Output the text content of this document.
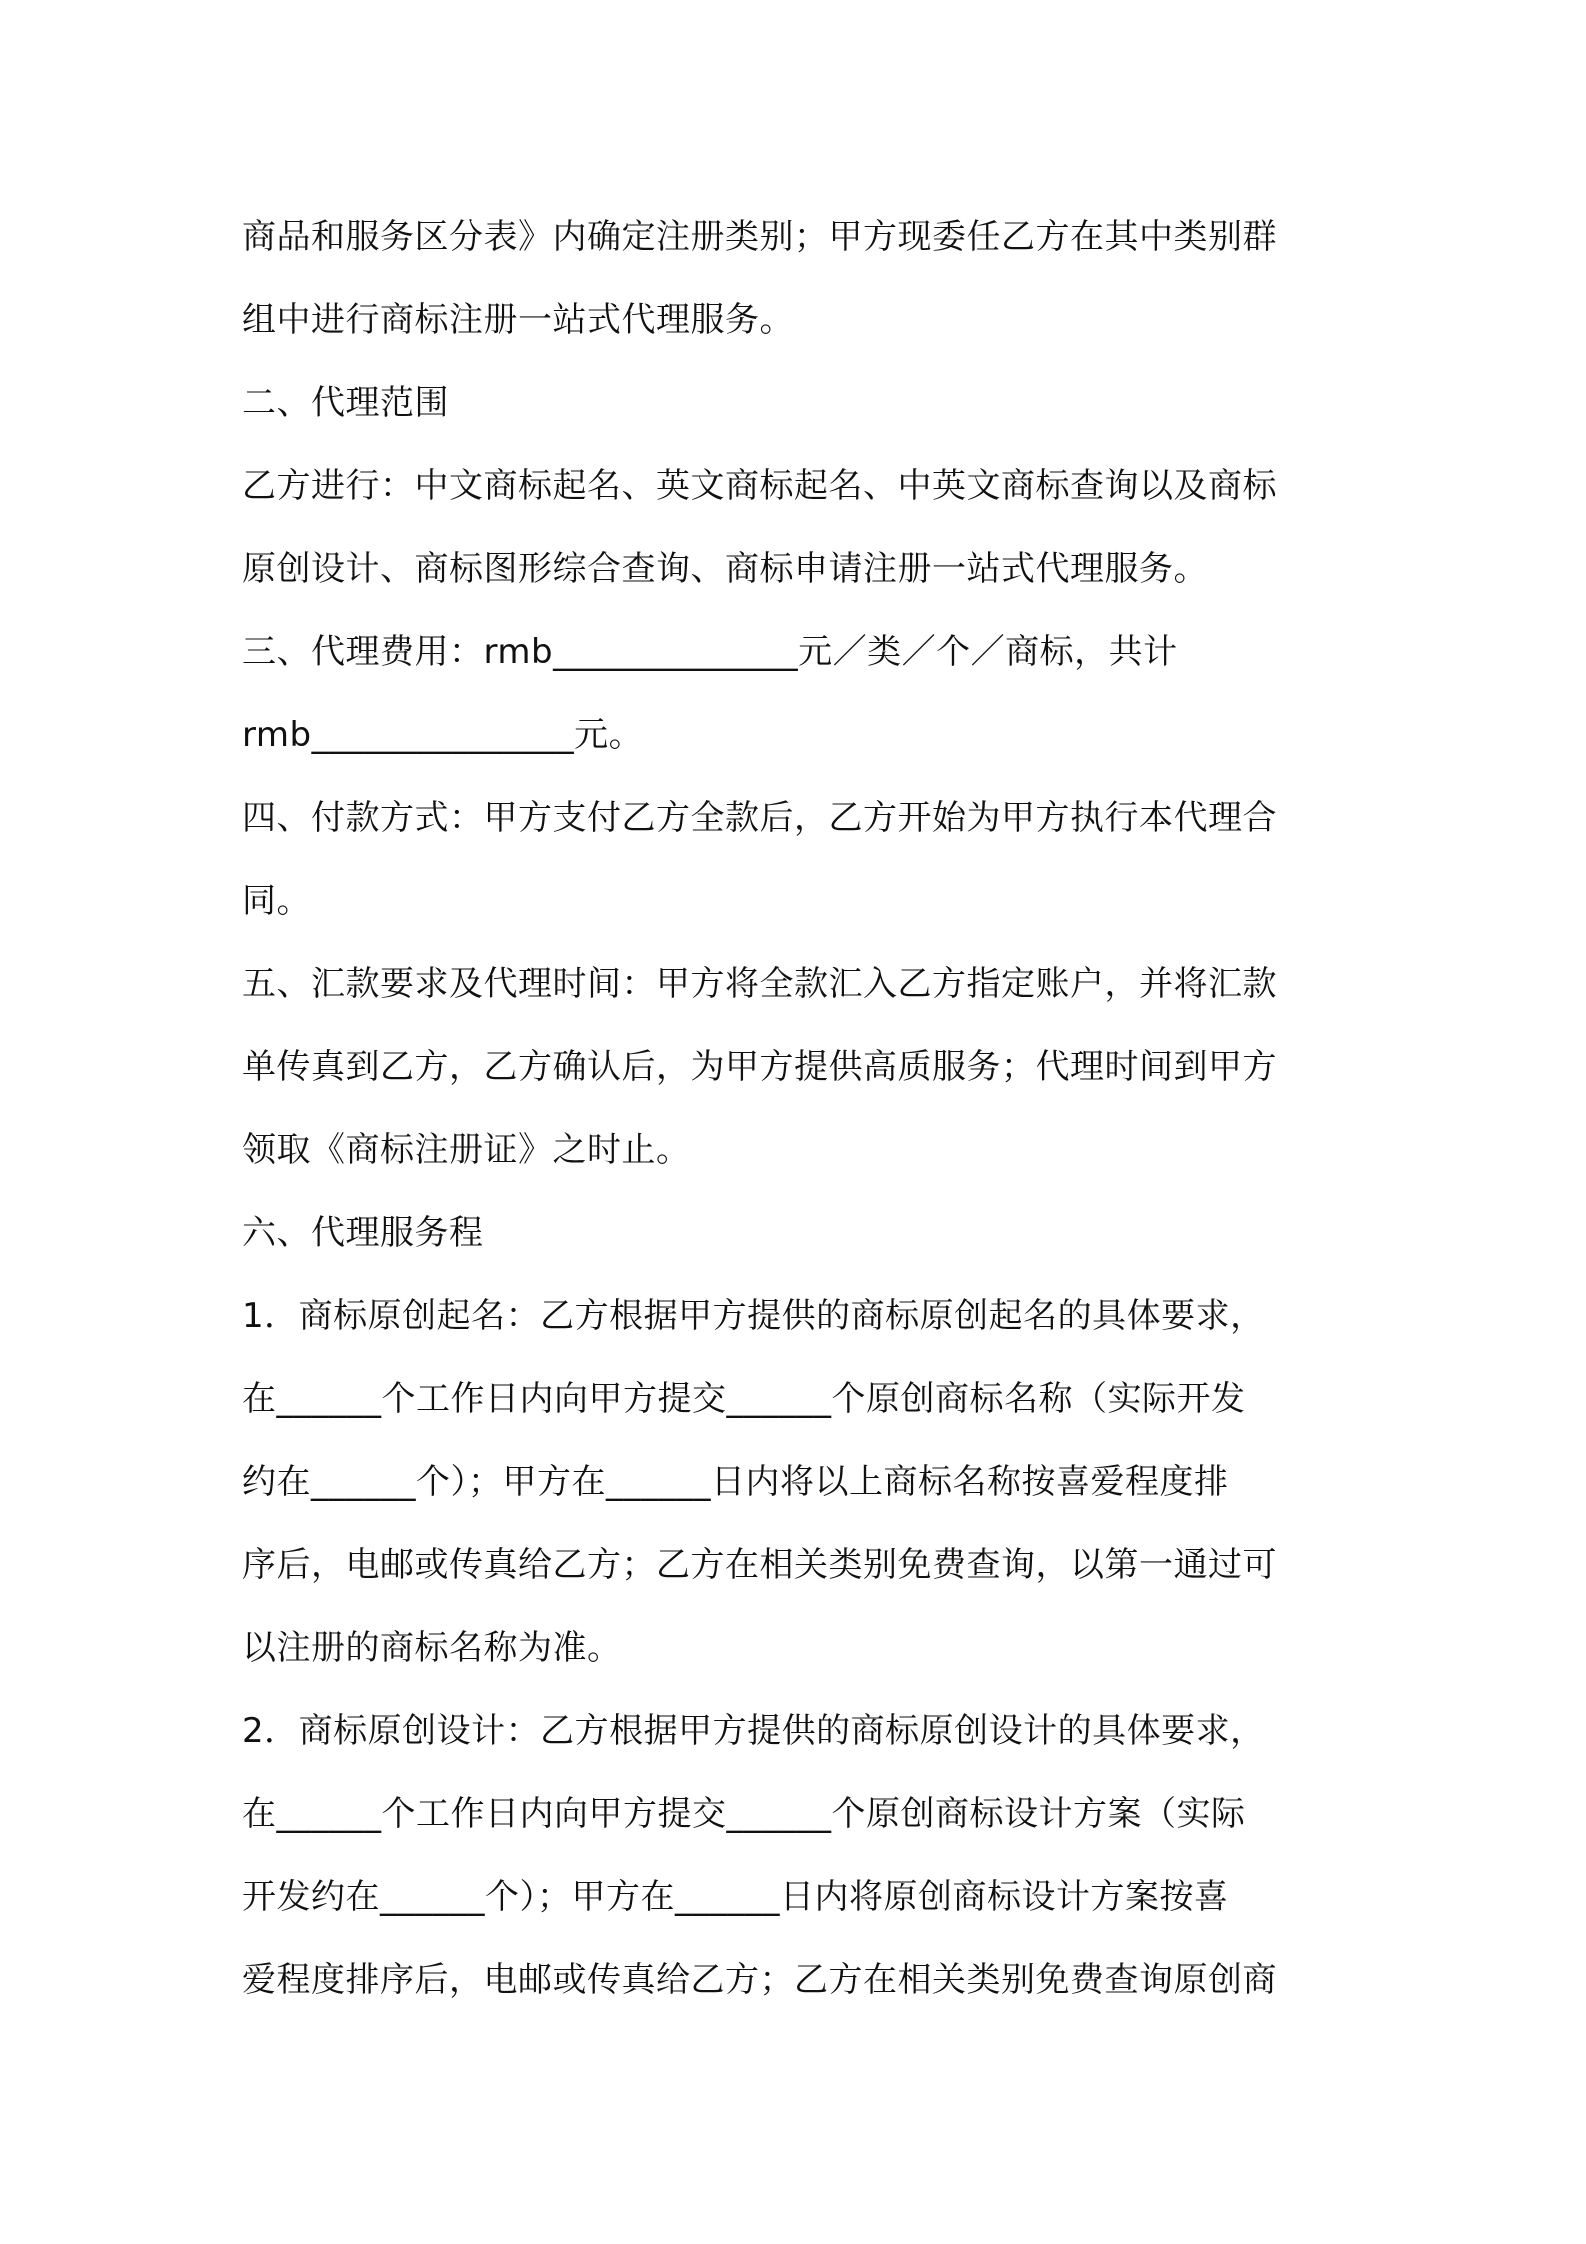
商品和服务区分表》内确定注册类别；甲方现委任乙方在其中类别群
组中进行商标注册一站式代理服务。
二、代理范围
乙方进行：中文商标起名、英文商标起名、中英文商标查询以及商标
原创设计、商标图形综合查询、商标申请注册一站式代理服务。
三、代理费用：rmb______________元／类／个／商标，共计
rmb_______________元。
四、付款方式：甲方支付乙方全款后，乙方开始为甲方执行本代理合
同。
五、汇款要求及代理时间：甲方将全款汇入乙方指定账户，并将汇款
单传真到乙方，乙方确认后，为甲方提供高质服务；代理时间到甲方
领取《商标注册证》之时止。
六、代理服务程
1．商标原创起名：乙方根据甲方提供的商标原创起名的具体要求，
在______个工作日内向甲方提交______个原创商标名称（实际开发
约在______个）；甲方在______日内将以上商标名称按喜爱程度排
序后，电邮或传真给乙方；乙方在相关类别免费查询，以第一通过可
以注册的商标名称为准。
2．商标原创设计：乙方根据甲方提供的商标原创设计的具体要求，
在______个工作日内向甲方提交______个原创商标设计方案（实际
开发约在______个）；甲方在______日内将原创商标设计方案按喜
爱程度排序后，电邮或传真给乙方；乙方在相关类别免费查询原创商
